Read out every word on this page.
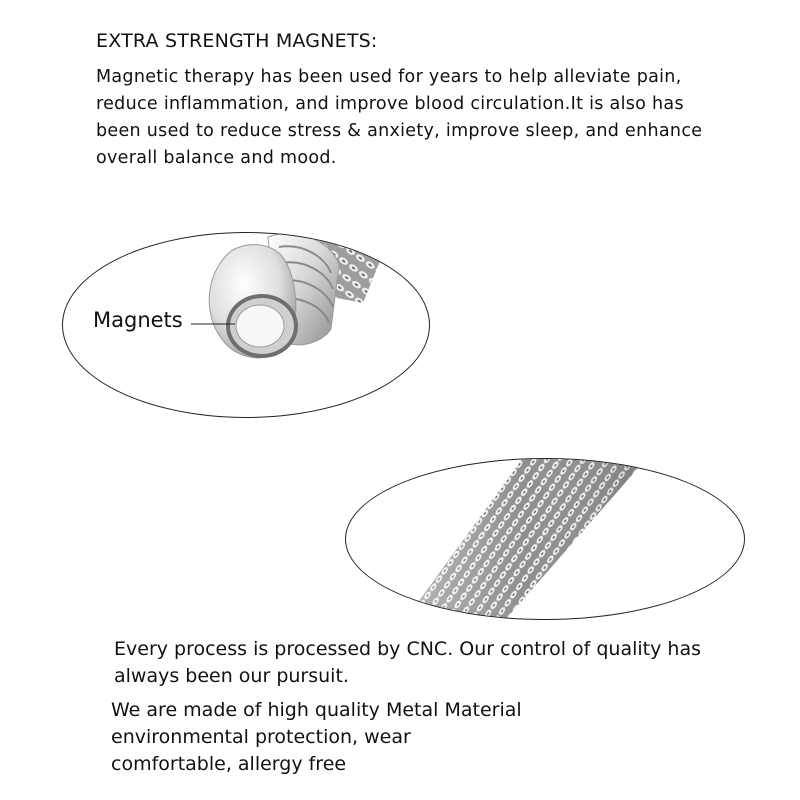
EXTRA STRENGTH MAGNETS:

Magnetic therapy has been used for years to help alleviate pain,
reduce inflammation, and improve blood circulation.It is also has
been used to reduce stress & anxiety, improve sleep, and enhance
overall balance and mood.

Magnets

Every process is processed by CNC. Our control of quality has
always been our pursuit.

We are made of high quality Metal Material
environmental protection, wear
comfortable, allergy free
